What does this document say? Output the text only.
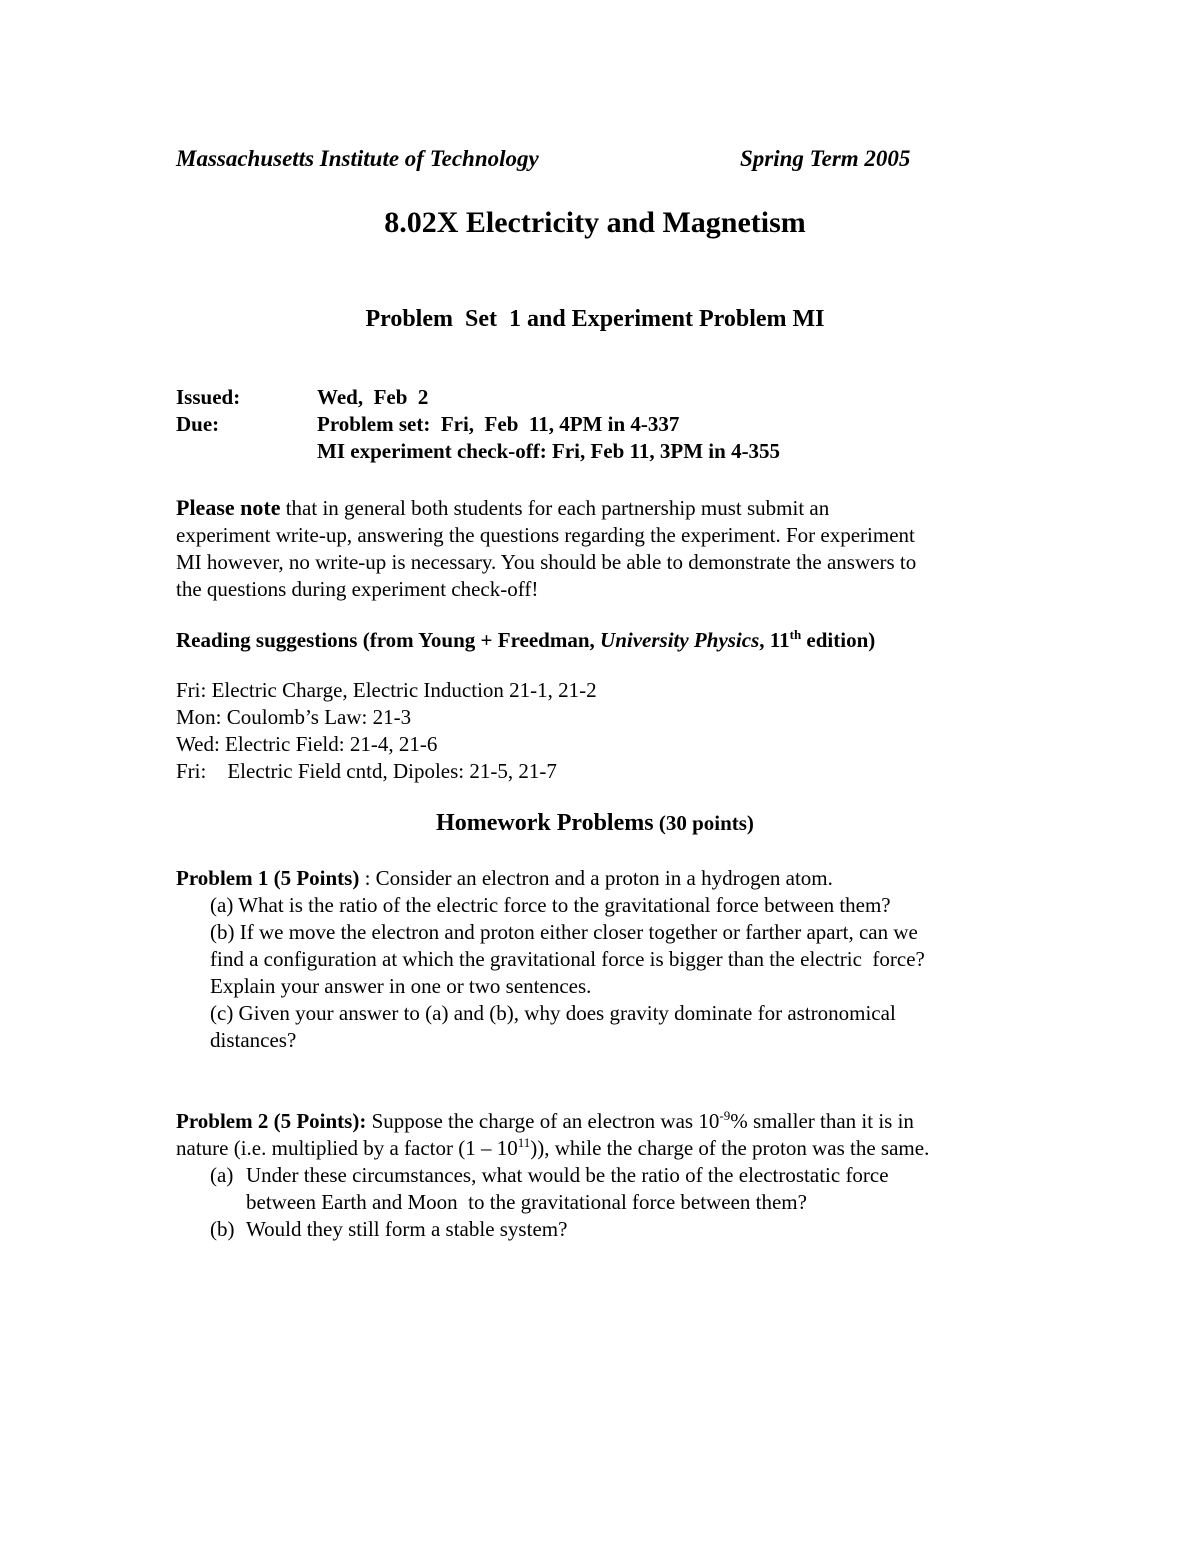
Massachusetts Institute of Technology	Spring Term 2005
8.02X Electricity and Magnetism
Problem  Set  1 and Experiment Problem MI
Issued:	Wed,  Feb  2
Due:	Problem set:  Fri,  Feb  11, 4PM in 4-337
MI experiment check-off: Fri, Feb 11, 3PM in 4-355
Please note that in general both students for each partnership must submit an
experiment write-up, answering the questions regarding the experiment. For experiment
MI however, no write-up is necessary. You should be able to demonstrate the answers to
the questions during experiment check-off!
Reading suggestions (from Young + Freedman, University Physics, 11th edition)
Fri: Electric Charge, Electric Induction 21-1, 21-2
Mon: Coulomb’s Law: 21-3
Wed: Electric Field: 21-4, 21-6
Fri:    Electric Field cntd, Dipoles: 21-5, 21-7
Homework Problems (30 points)
Problem 1 (5 Points) : Consider an electron and a proton in a hydrogen atom.
(a) What is the ratio of the electric force to the gravitational force between them?
(b) If we move the electron and proton either closer together or farther apart, can we
find a configuration at which the gravitational force is bigger than the electric  force?
Explain your answer in one or two sentences.
(c) Given your answer to (a) and (b), why does gravity dominate for astronomical
distances?
Problem 2 (5 Points): Suppose the charge of an electron was $10^{-9}\%$ smaller than it is in
nature (i.e. multiplied by a factor $(1 - 10^{11})$), while the charge of the proton was the same.
(a) Under these circumstances, what would be the ratio of the electrostatic force
between Earth and Moon  to the gravitational force between them?
(b) Would they still form a stable system?
